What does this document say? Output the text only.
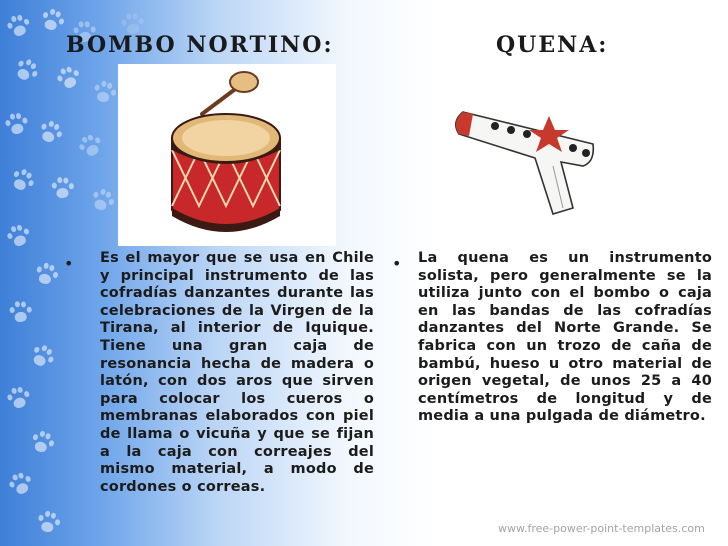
BOMBO NORTINO:	QUENA:
• Es el mayor que se usa en Chile y principal instrumento de las cofradías danzantes durante las celebraciones de la Virgen de la Tirana, al interior de Iquique. Tiene una gran caja de resonancia hecha de madera o latón, con dos aros que sirven para colocar los cueros o membranas elaborados con piel de llama o vicuña y que se fijan a la caja con correajes del mismo material, a modo de cordones o correas.

• La quena es un instrumento solista, pero generalmente se la utiliza junto con el bombo o caja en las bandas de las cofradías danzantes del Norte Grande. Se fabrica con un trozo de caña de bambú, hueso u otro material de origen vegetal, de unos 25 a 40 centímetros de longitud y de media a una pulgada de diámetro.

www.free-power-point-templates.com
